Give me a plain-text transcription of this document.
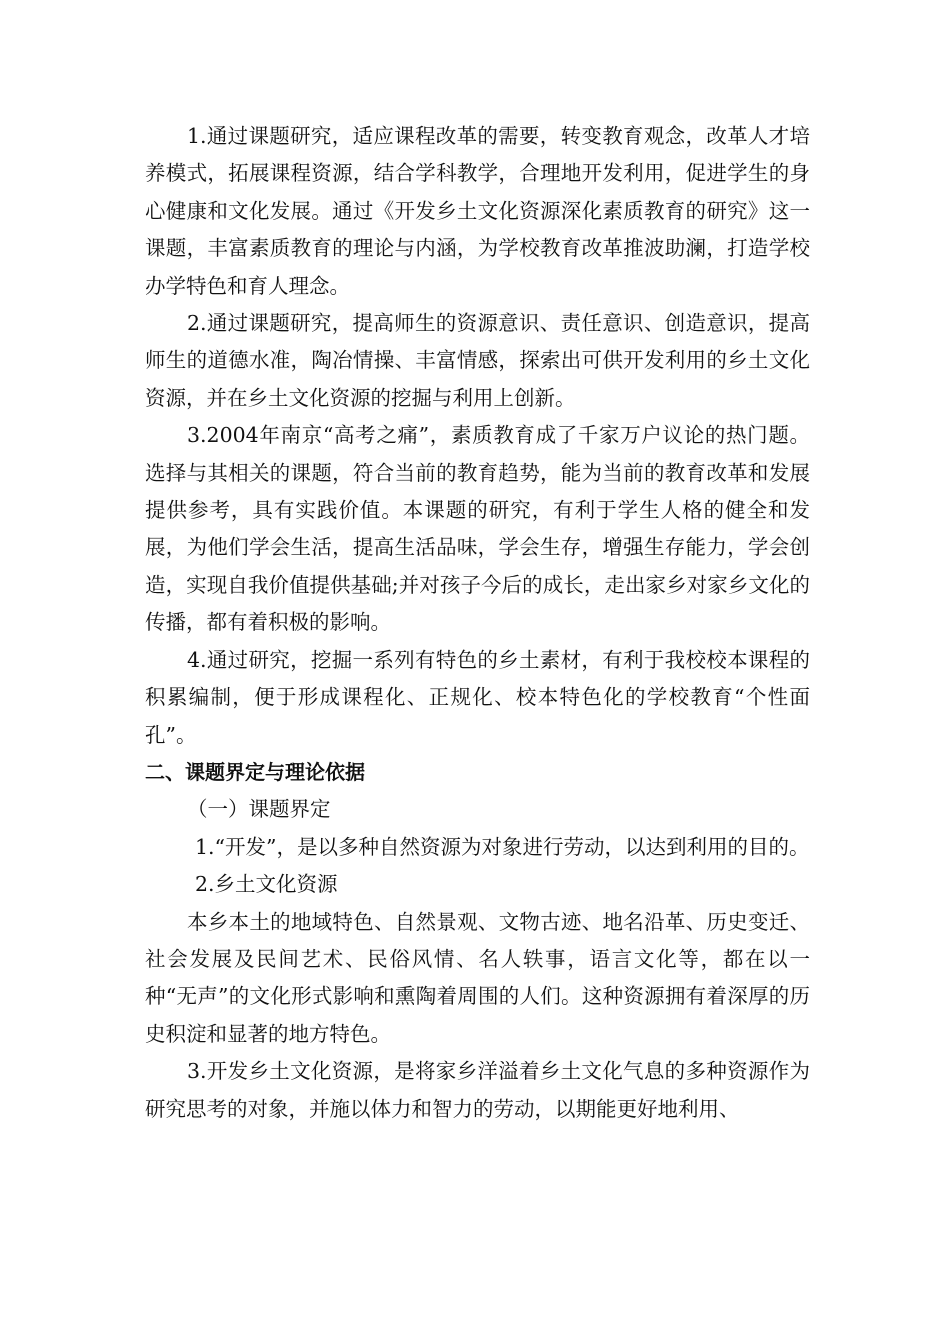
1.通过课题研究，适应课程改革的需要，转变教育观念，改革人才培养模式，拓展课程资源，结合学科教学，合理地开发利用，促进学生的身心健康和文化发展。通过《开发乡土文化资源深化素质教育的研究》这一课题，丰富素质教育的理论与内涵，为学校教育改革推波助澜，打造学校办学特色和育人理念。

2.通过课题研究，提高师生的资源意识、责任意识、创造意识，提高师生的道德水准，陶冶情操、丰富情感，探索出可供开发利用的乡土文化资源，并在乡土文化资源的挖掘与利用上创新。

3.2004年南京“高考之痛”，素质教育成了千家万户议论的热门题。选择与其相关的课题，符合当前的教育趋势，能为当前的教育改革和发展提供参考，具有实践价值。本课题的研究，有利于学生人格的健全和发展，为他们学会生活，提高生活品味，学会生存，增强生存能力，学会创造，实现自我价值提供基础;并对孩子今后的成长，走出家乡对家乡文化的传播，都有着积极的影响。

4.通过研究，挖掘一系列有特色的乡土素材，有利于我校校本课程的积累编制，便于形成课程化、正规化、校本特色化的学校教育“个性面孔”。

二、课题界定与理论依据

（一）课题界定

1.“开发”，是以多种自然资源为对象进行劳动，以达到利用的目的。

2.乡土文化资源

本乡本土的地域特色、自然景观、文物古迹、地名沿革、历史变迁、社会发展及民间艺术、民俗风情、名人轶事，语言文化等，都在以一种“无声”的文化形式影响和熏陶着周围的人们。这种资源拥有着深厚的历史积淀和显著的地方特色。

3.开发乡土文化资源，是将家乡洋溢着乡土文化气息的多种资源作为研究思考的对象，并施以体力和智力的劳动，以期能更好地利用、
